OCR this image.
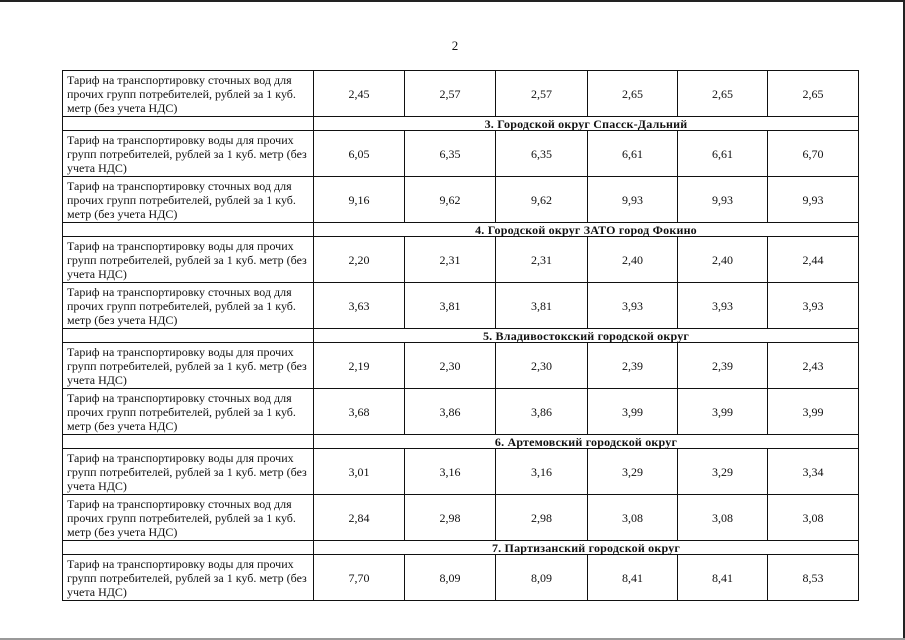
2
Тариф на транспортировку сточных вод для прочих групп потребителей, рублей за 1 куб. метр (без учета НДС)	2,45	2,57	2,57	2,65	2,65	2,65
	3. Городской округ Спасск-Дальний					
Тариф на транспортировку воды для прочих групп потребителей, рублей за 1 куб. метр (без учета НДС)	6,05	6,35	6,35	6,61	6,61	6,70
Тариф на транспортировку сточных вод для прочих групп потребителей, рублей за 1 куб. метр (без учета НДС)	9,16	9,62	9,62	9,93	9,93	9,93
	4. Городской округ ЗАТО город Фокино					
Тариф на транспортировку воды для прочих групп потребителей, рублей за 1 куб. метр (без учета НДС)	2,20	2,31	2,31	2,40	2,40	2,44
Тариф на транспортировку сточных вод для прочих групп потребителей, рублей за 1 куб. метр (без учета НДС)	3,63	3,81	3,81	3,93	3,93	3,93
	5. Владивостокский городской округ					
Тариф на транспортировку воды для прочих групп потребителей, рублей за 1 куб. метр (без учета НДС)	2,19	2,30	2,30	2,39	2,39	2,43
Тариф на транспортировку сточных вод для прочих групп потребителей, рублей за 1 куб. метр (без учета НДС)	3,68	3,86	3,86	3,99	3,99	3,99
	6. Артемовский городской округ					
Тариф на транспортировку воды для прочих групп потребителей, рублей за 1 куб. метр (без учета НДС)	3,01	3,16	3,16	3,29	3,29	3,34
Тариф на транспортировку сточных вод для прочих групп потребителей, рублей за 1 куб. метр (без учета НДС)	2,84	2,98	2,98	3,08	3,08	3,08
	7. Партизанский городской округ					
Тариф на транспортировку воды для прочих групп потребителей, рублей за 1 куб. метр (без учета НДС)	7,70	8,09	8,09	8,41	8,41	8,53
